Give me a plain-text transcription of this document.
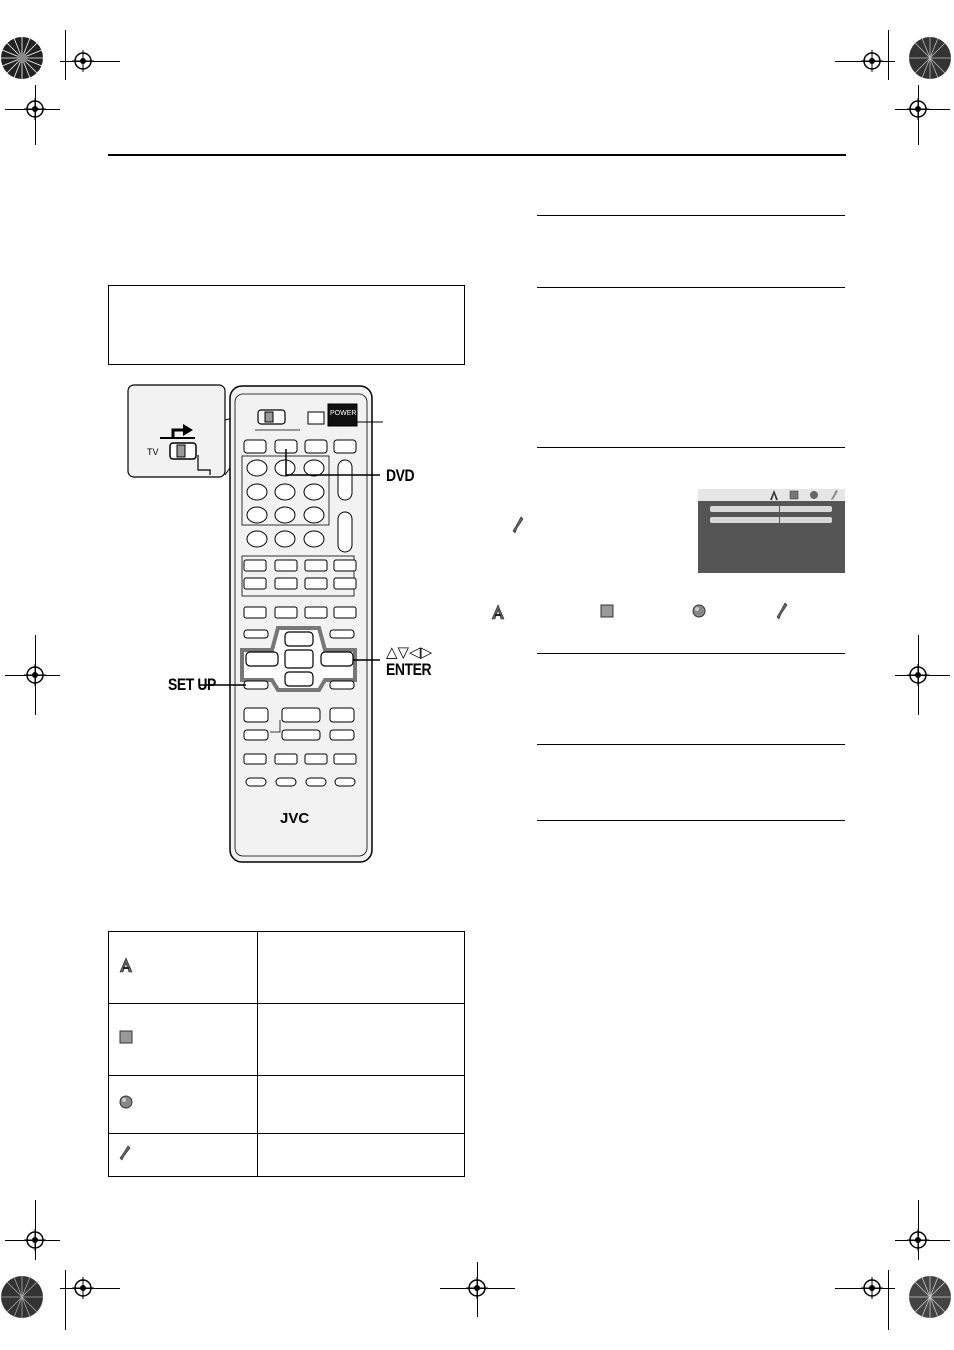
TV
POWER
JVC
DVD
△▽◁▷
ENTER
SET UP
